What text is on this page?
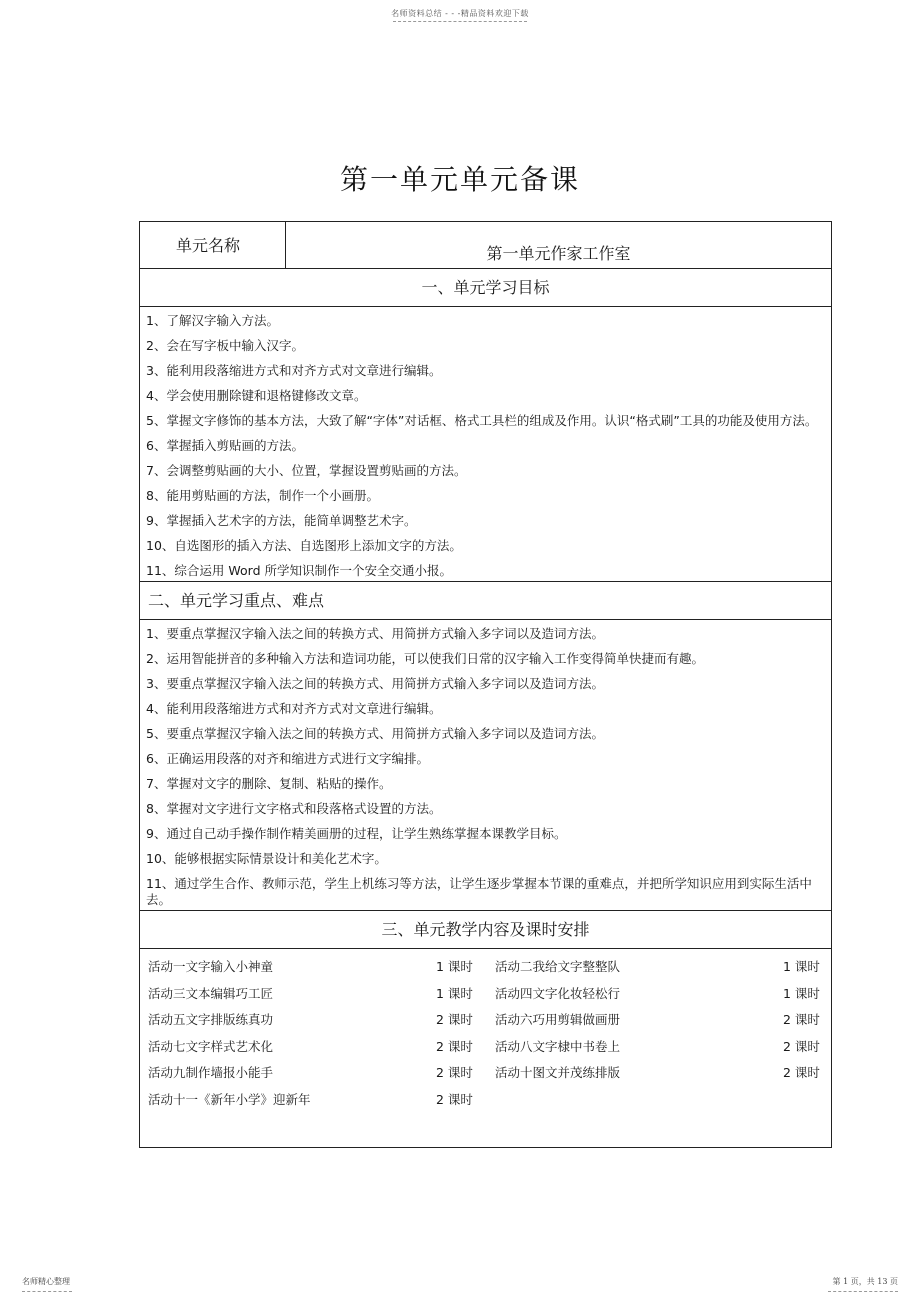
名师资料总结 - - -精品资料欢迎下载
第一单元单元备课
单元名称	第一单元作家工作室
一、单元学习目标
1、了解汉字输入方法。
2、会在写字板中输入汉字。
3、能利用段落缩进方式和对齐方式对文章进行编辑。
4、学会使用删除键和退格键修改文章。
5、掌握文字修饰的基本方法，大致了解“字体”对话框、格式工具栏的组成及作用。认识“格式刷”工具的功能及使用方法。
6、掌握插入剪贴画的方法。
7、会调整剪贴画的大小、位置，掌握设置剪贴画的方法。
8、能用剪贴画的方法，制作一个小画册。
9、掌握插入艺术字的方法，能简单调整艺术字。
10、自选图形的插入方法、自选图形上添加文字的方法。
11、综合运用 Word 所学知识制作一个安全交通小报。
二、单元学习重点、难点
1、要重点掌握汉字输入法之间的转换方式、用简拼方式输入多字词以及造词方法。
2、运用智能拼音的多种输入方法和造词功能，可以使我们日常的汉字输入工作变得简单快捷而有趣。
3、要重点掌握汉字输入法之间的转换方式、用简拼方式输入多字词以及造词方法。
4、能利用段落缩进方式和对齐方式对文章进行编辑。
5、要重点掌握汉字输入法之间的转换方式、用简拼方式输入多字词以及造词方法。
6、正确运用段落的对齐和缩进方式进行文字编排。
7、掌握对文字的删除、复制、粘贴的操作。
8、掌握对文字进行文字格式和段落格式设置的方法。
9、通过自己动手操作制作精美画册的过程，让学生熟练掌握本课教学目标。
10、能够根据实际情景设计和美化艺术字。
11、通过学生合作、教师示范，学生上机练习等方法，让学生逐步掌握本节课的重难点，并把所学知识应用到实际生活中去。
三、单元教学内容及课时安排
活动一文字输入小神童	1 课时 活动二我给文字整整队	1 课时
活动三文本编辑巧工匠	1 课时 活动四文字化妆轻松行	1 课时
活动五文字排版练真功	2 课时 活动六巧用剪辑做画册	2 课时
活动七文字样式艺术化	2 课时 活动八文字棣中书卷上	2 课时
活动九制作墙报小能手	2 课时 活动十图文并茂练排版	2 课时
活动十一《新年小学》迎新年	2 课时
名师精心整理	第 1 页，共 13 页
